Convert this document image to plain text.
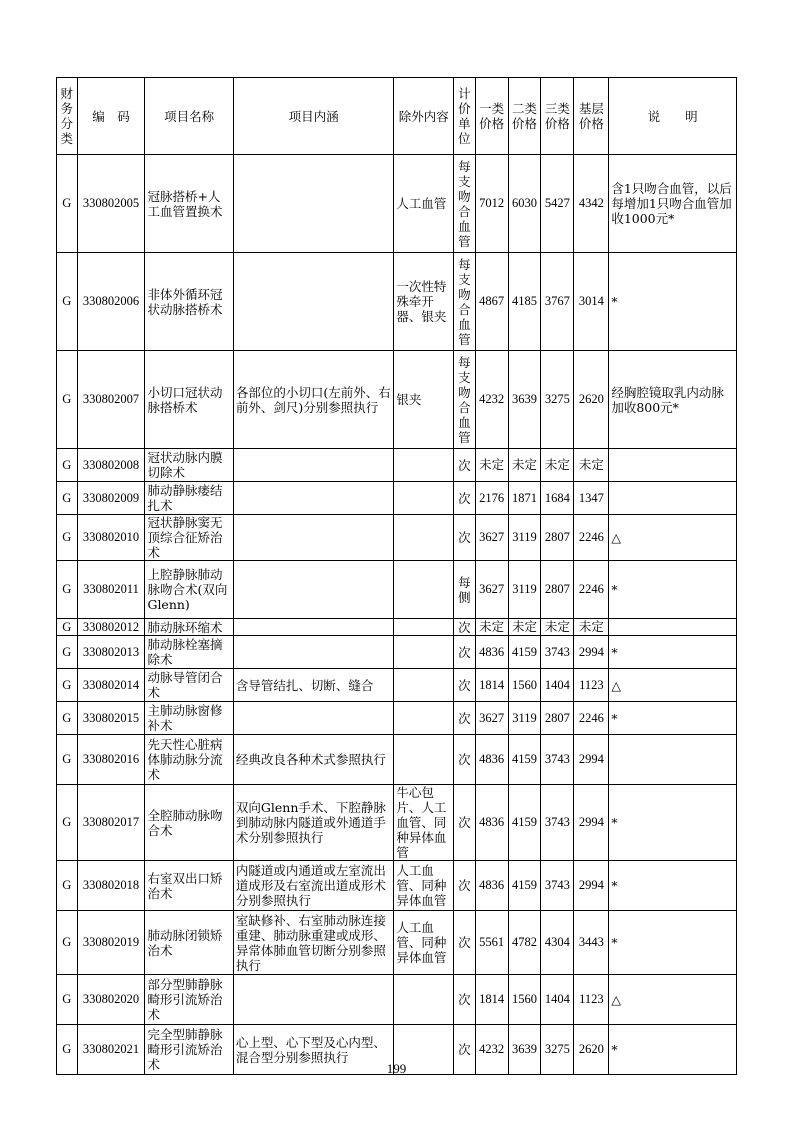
财务分类	编　码	项目名称	项目内涵	除外内容	计价单位	一类价格	二类价格	三类价格	基层价格	说　　明
G	330802005	冠脉搭桥+人工血管置换术		人工血管	每支吻合血管	7012	6030	5427	4342	含1只吻合血管，以后每增加1只吻合血管加收1000元*
G	330802006	非体外循环冠状动脉搭桥术		一次性特殊牵开器、银夹	每支吻合血管	4867	4185	3767	3014	*
G	330802007	小切口冠状动脉搭桥术	各部位的小切口(左前外、右前外、剑尺)分别参照执行	银夹	每支吻合血管	4232	3639	3275	2620	经胸腔镜取乳内动脉加收800元*
G	330802008	冠状动脉内膜切除术			次	未定	未定	未定	未定	
G	330802009	肺动静脉瘘结扎术			次	2176	1871	1684	1347	
G	330802010	冠状静脉窦无顶综合征矫治术			次	3627	3119	2807	2246	△
G	330802011	上腔静脉肺动脉吻合术(双向Glenn)			每侧	3627	3119	2807	2246	*
G	330802012	肺动脉环缩术			次	未定	未定	未定	未定	
G	330802013	肺动脉栓塞摘除术			次	4836	4159	3743	2994	*
G	330802014	动脉导管闭合术	含导管结扎、切断、缝合		次	1814	1560	1404	1123	△
G	330802015	主肺动脉窗修补术			次	3627	3119	2807	2246	*
G	330802016	先天性心脏病体肺动脉分流术	经典改良各种术式参照执行		次	4836	4159	3743	2994	
G	330802017	全腔肺动脉吻合术	双向Glenn手术、下腔静脉到肺动脉内隧道或外通道手术分别参照执行	牛心包片、人工血管、同种异体血管	次	4836	4159	3743	2994	*
G	330802018	右室双出口矫治术	内隧道或内通道或左室流出道成形及右室流出道成形术分别参照执行	人工血管、同种异体血管	次	4836	4159	3743	2994	*
G	330802019	肺动脉闭锁矫治术	室缺修补、右室肺动脉连接重建、肺动脉重建或成形、异常体肺血管切断分别参照执行	人工血管、同种异体血管	次	5561	4782	4304	3443	*
G	330802020	部分型肺静脉畸形引流矫治术			次	1814	1560	1404	1123	△
G	330802021	完全型肺静脉畸形引流矫治术	心上型、心下型及心内型、混合型分别参照执行		次	4232	3639	3275	2620	*
199
